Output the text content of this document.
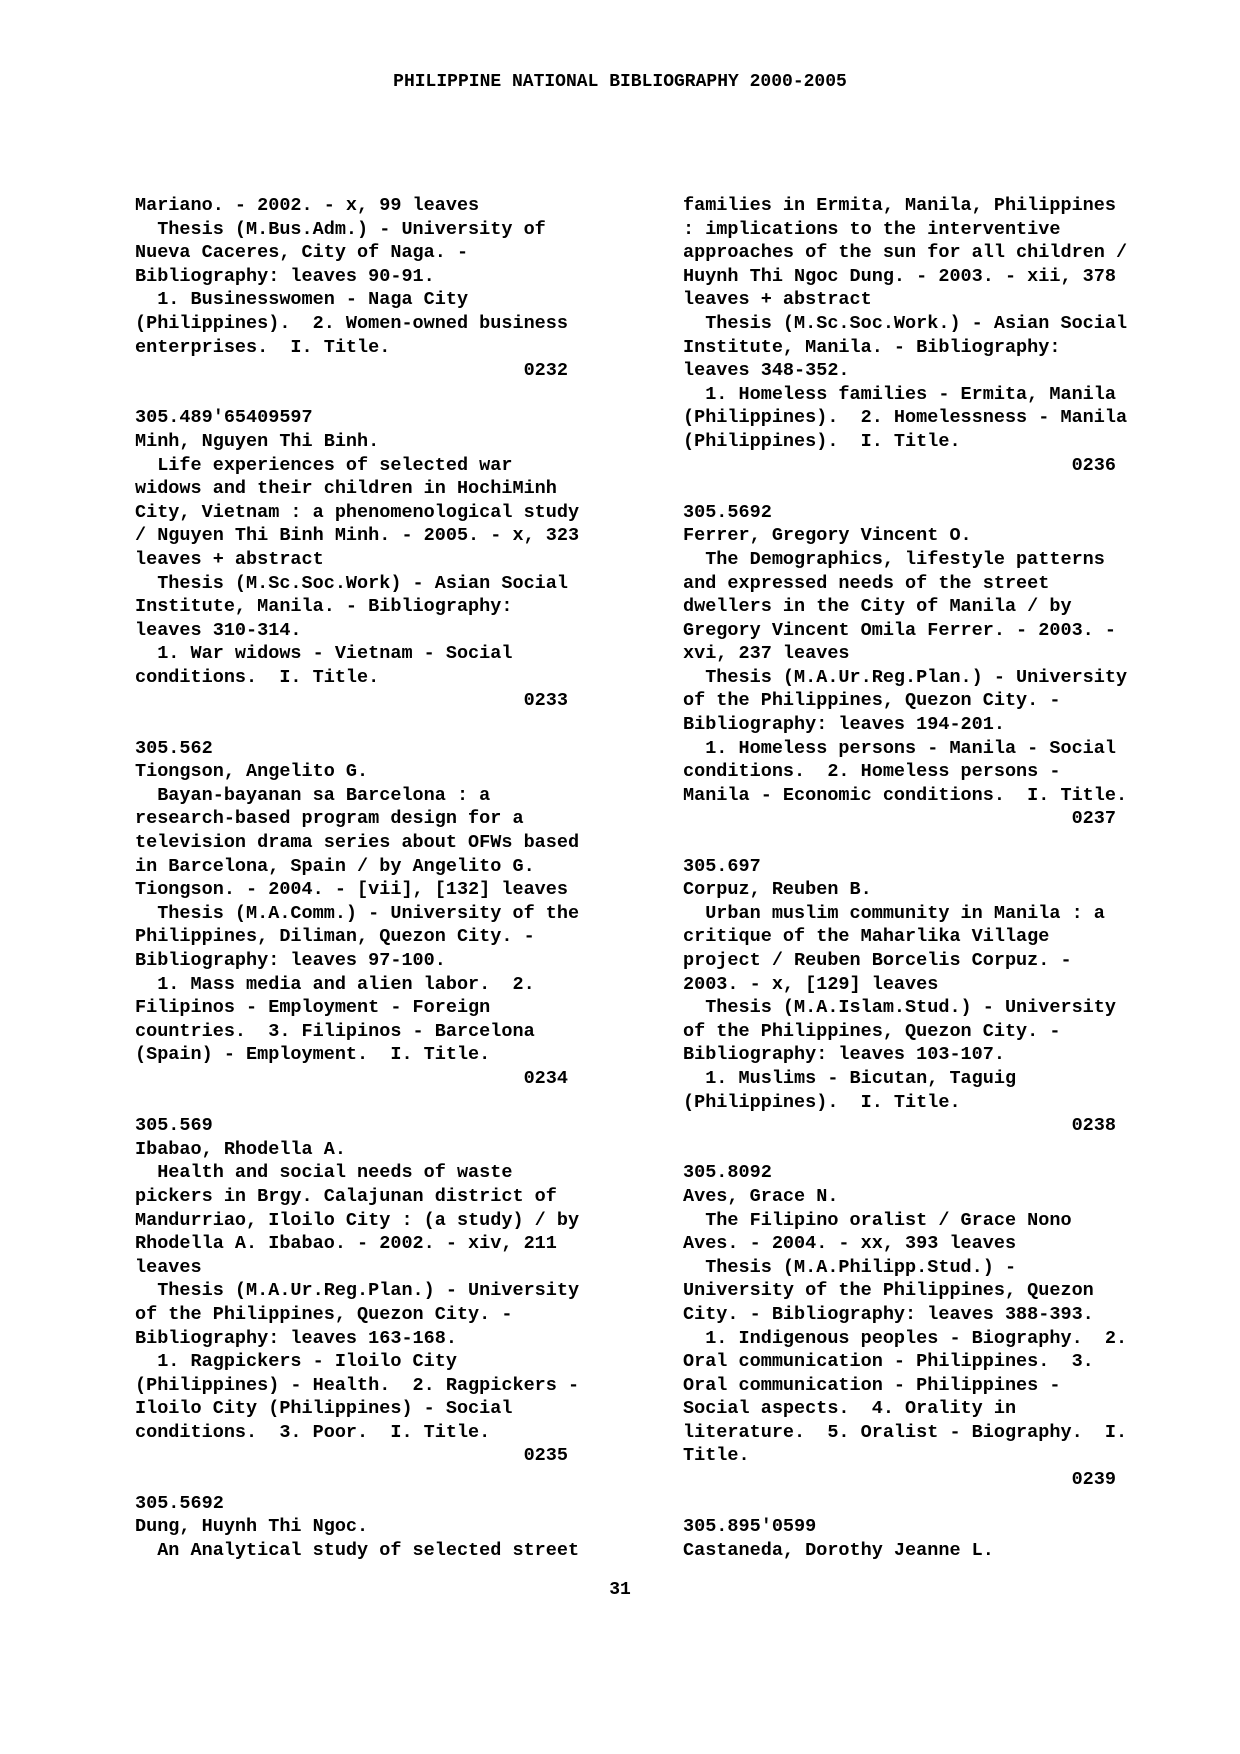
PHILIPPINE NATIONAL BIBLIOGRAPHY 2000-2005
Mariano. - 2002. - x, 99 leaves
Thesis (M.Bus.Adm.) - University of
Nueva Caceres, City of Naga. -
Bibliography: leaves 90-91.
1. Businesswomen - Naga City
(Philippines).  2. Women-owned business
enterprises.  I. Title.
0232
305.489'65409597
Minh, Nguyen Thi Binh.
Life experiences of selected war
widows and their children in HochiMinh
City, Vietnam : a phenomenological study
/ Nguyen Thi Binh Minh. - 2005. - x, 323
leaves + abstract
Thesis (M.Sc.Soc.Work) - Asian Social
Institute, Manila. - Bibliography:
leaves 310-314.
1. War widows - Vietnam - Social
conditions.  I. Title.
0233
305.562
Tiongson, Angelito G.
Bayan-bayanan sa Barcelona : a
research-based program design for a
television drama series about OFWs based
in Barcelona, Spain / by Angelito G.
Tiongson. - 2004. - [vii], [132] leaves
Thesis (M.A.Comm.) - University of the
Philippines, Diliman, Quezon City. -
Bibliography: leaves 97-100.
1. Mass media and alien labor.  2.
Filipinos - Employment - Foreign
countries.  3. Filipinos - Barcelona
(Spain) - Employment.  I. Title.
0234
305.569
Ibabao, Rhodella A.
Health and social needs of waste
pickers in Brgy. Calajunan district of
Mandurriao, Iloilo City : (a study) / by
Rhodella A. Ibabao. - 2002. - xiv, 211
leaves
Thesis (M.A.Ur.Reg.Plan.) - University
of the Philippines, Quezon City. -
Bibliography: leaves 163-168.
1. Ragpickers - Iloilo City
(Philippines) - Health.  2. Ragpickers -
Iloilo City (Philippines) - Social
conditions.  3. Poor.  I. Title.
0235
305.5692
Dung, Huynh Thi Ngoc.
An Analytical study of selected street
families in Ermita, Manila, Philippines
: implications to the interventive
approaches of the sun for all children /
Huynh Thi Ngoc Dung. - 2003. - xii, 378
leaves + abstract
Thesis (M.Sc.Soc.Work.) - Asian Social
Institute, Manila. - Bibliography:
leaves 348-352.
1. Homeless families - Ermita, Manila
(Philippines).  2. Homelessness - Manila
(Philippines).  I. Title.
0236
305.5692
Ferrer, Gregory Vincent O.
The Demographics, lifestyle patterns
and expressed needs of the street
dwellers in the City of Manila / by
Gregory Vincent Omila Ferrer. - 2003. -
xvi, 237 leaves
Thesis (M.A.Ur.Reg.Plan.) - University
of the Philippines, Quezon City. -
Bibliography: leaves 194-201.
1. Homeless persons - Manila - Social
conditions.  2. Homeless persons -
Manila - Economic conditions.  I. Title.
0237
305.697
Corpuz, Reuben B.
Urban muslim community in Manila : a
critique of the Maharlika Village
project / Reuben Borcelis Corpuz. -
2003. - x, [129] leaves
Thesis (M.A.Islam.Stud.) - University
of the Philippines, Quezon City. -
Bibliography: leaves 103-107.
1. Muslims - Bicutan, Taguig
(Philippines).  I. Title.
0238
305.8092
Aves, Grace N.
The Filipino oralist / Grace Nono
Aves. - 2004. - xx, 393 leaves
Thesis (M.A.Philipp.Stud.) -
University of the Philippines, Quezon
City. - Bibliography: leaves 388-393.
1. Indigenous peoples - Biography.  2.
Oral communication - Philippines.  3.
Oral communication - Philippines -
Social aspects.  4. Orality in
literature.  5. Oralist - Biography.  I.
Title.
0239
305.895'0599
Castaneda, Dorothy Jeanne L.
31
